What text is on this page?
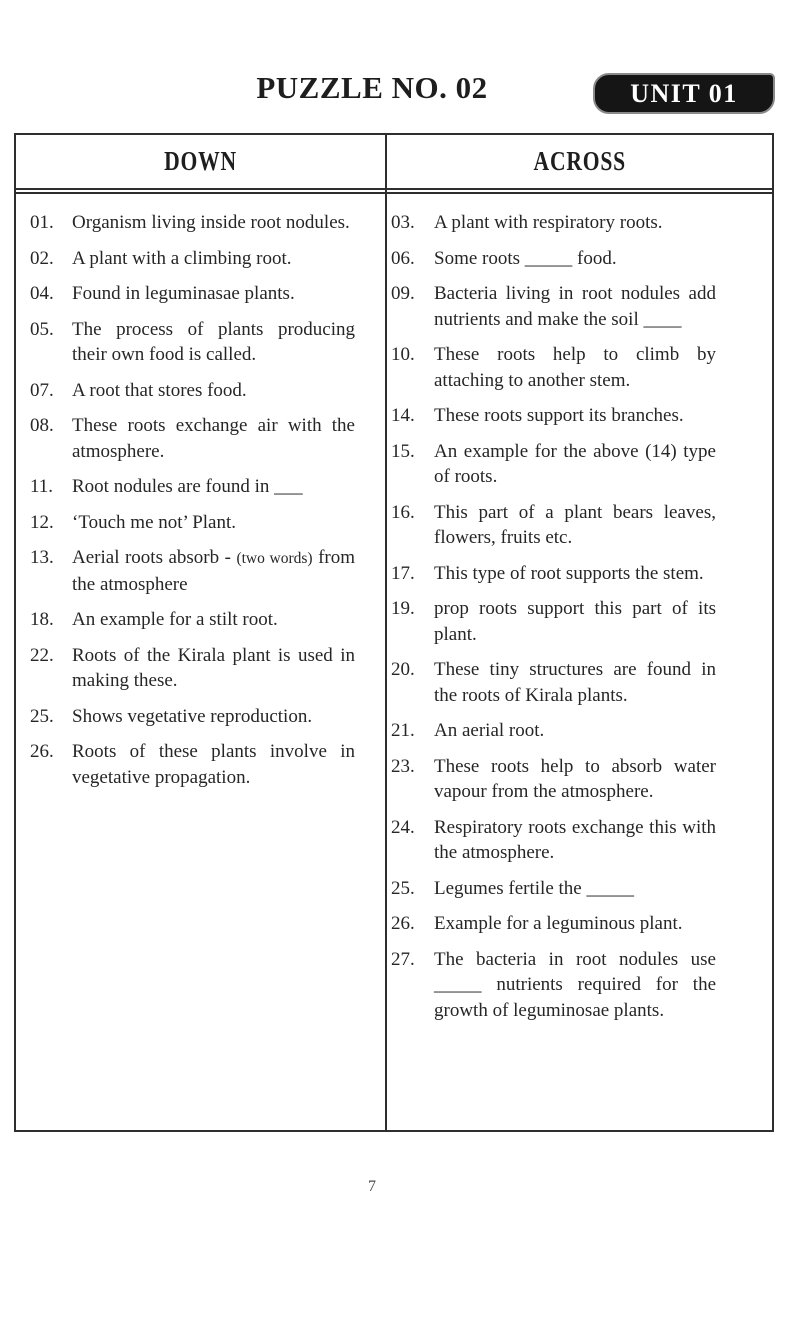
UNIT 01
PUZZLE NO. 02
DOWN	ACROSS
01. Organism living inside root nodules.
02. A plant with a climbing root.
04. Found in leguminasae plants.
05. The process of plants producing their own food is called.
07. A root that stores food.
08. These roots exchange air with the atmosphere.
11. Root nodules are found in ___
12. ‘Touch me not’ Plant.
13. Aerial roots absorb - (two words) from the atmosphere
18. An example for a stilt root.
22. Roots of the Kirala plant is used in making these.
25. Shows vegetative reproduction.
26. Roots of these plants involve in vegetative propagation.
03.	A plant with respiratory roots.
06.	Some roots _____ food.
09.	Bacteria living in root nodules add nutrients and make the soil ____
10.	These roots help to climb by attaching to another stem.
14.	These roots support its branches.
15.	An example for the above (14) type of roots.
16.	This part of a plant bears leaves, flowers, fruits etc.
17.	This type of root supports the stem.
19.	prop roots support this part of its plant.
20.	These tiny structures are found in the roots of Kirala plants.
21.	An aerial root.
23.	These roots help to absorb water vapour from the atmosphere.
24.	Respiratory roots exchange this with the atmosphere.
25.	Legumes fertile the _____
26.	Example for a leguminous plant.
27.	The bacteria in root nodules use _____ nutrients required for the growth of leguminosae plants.
7
